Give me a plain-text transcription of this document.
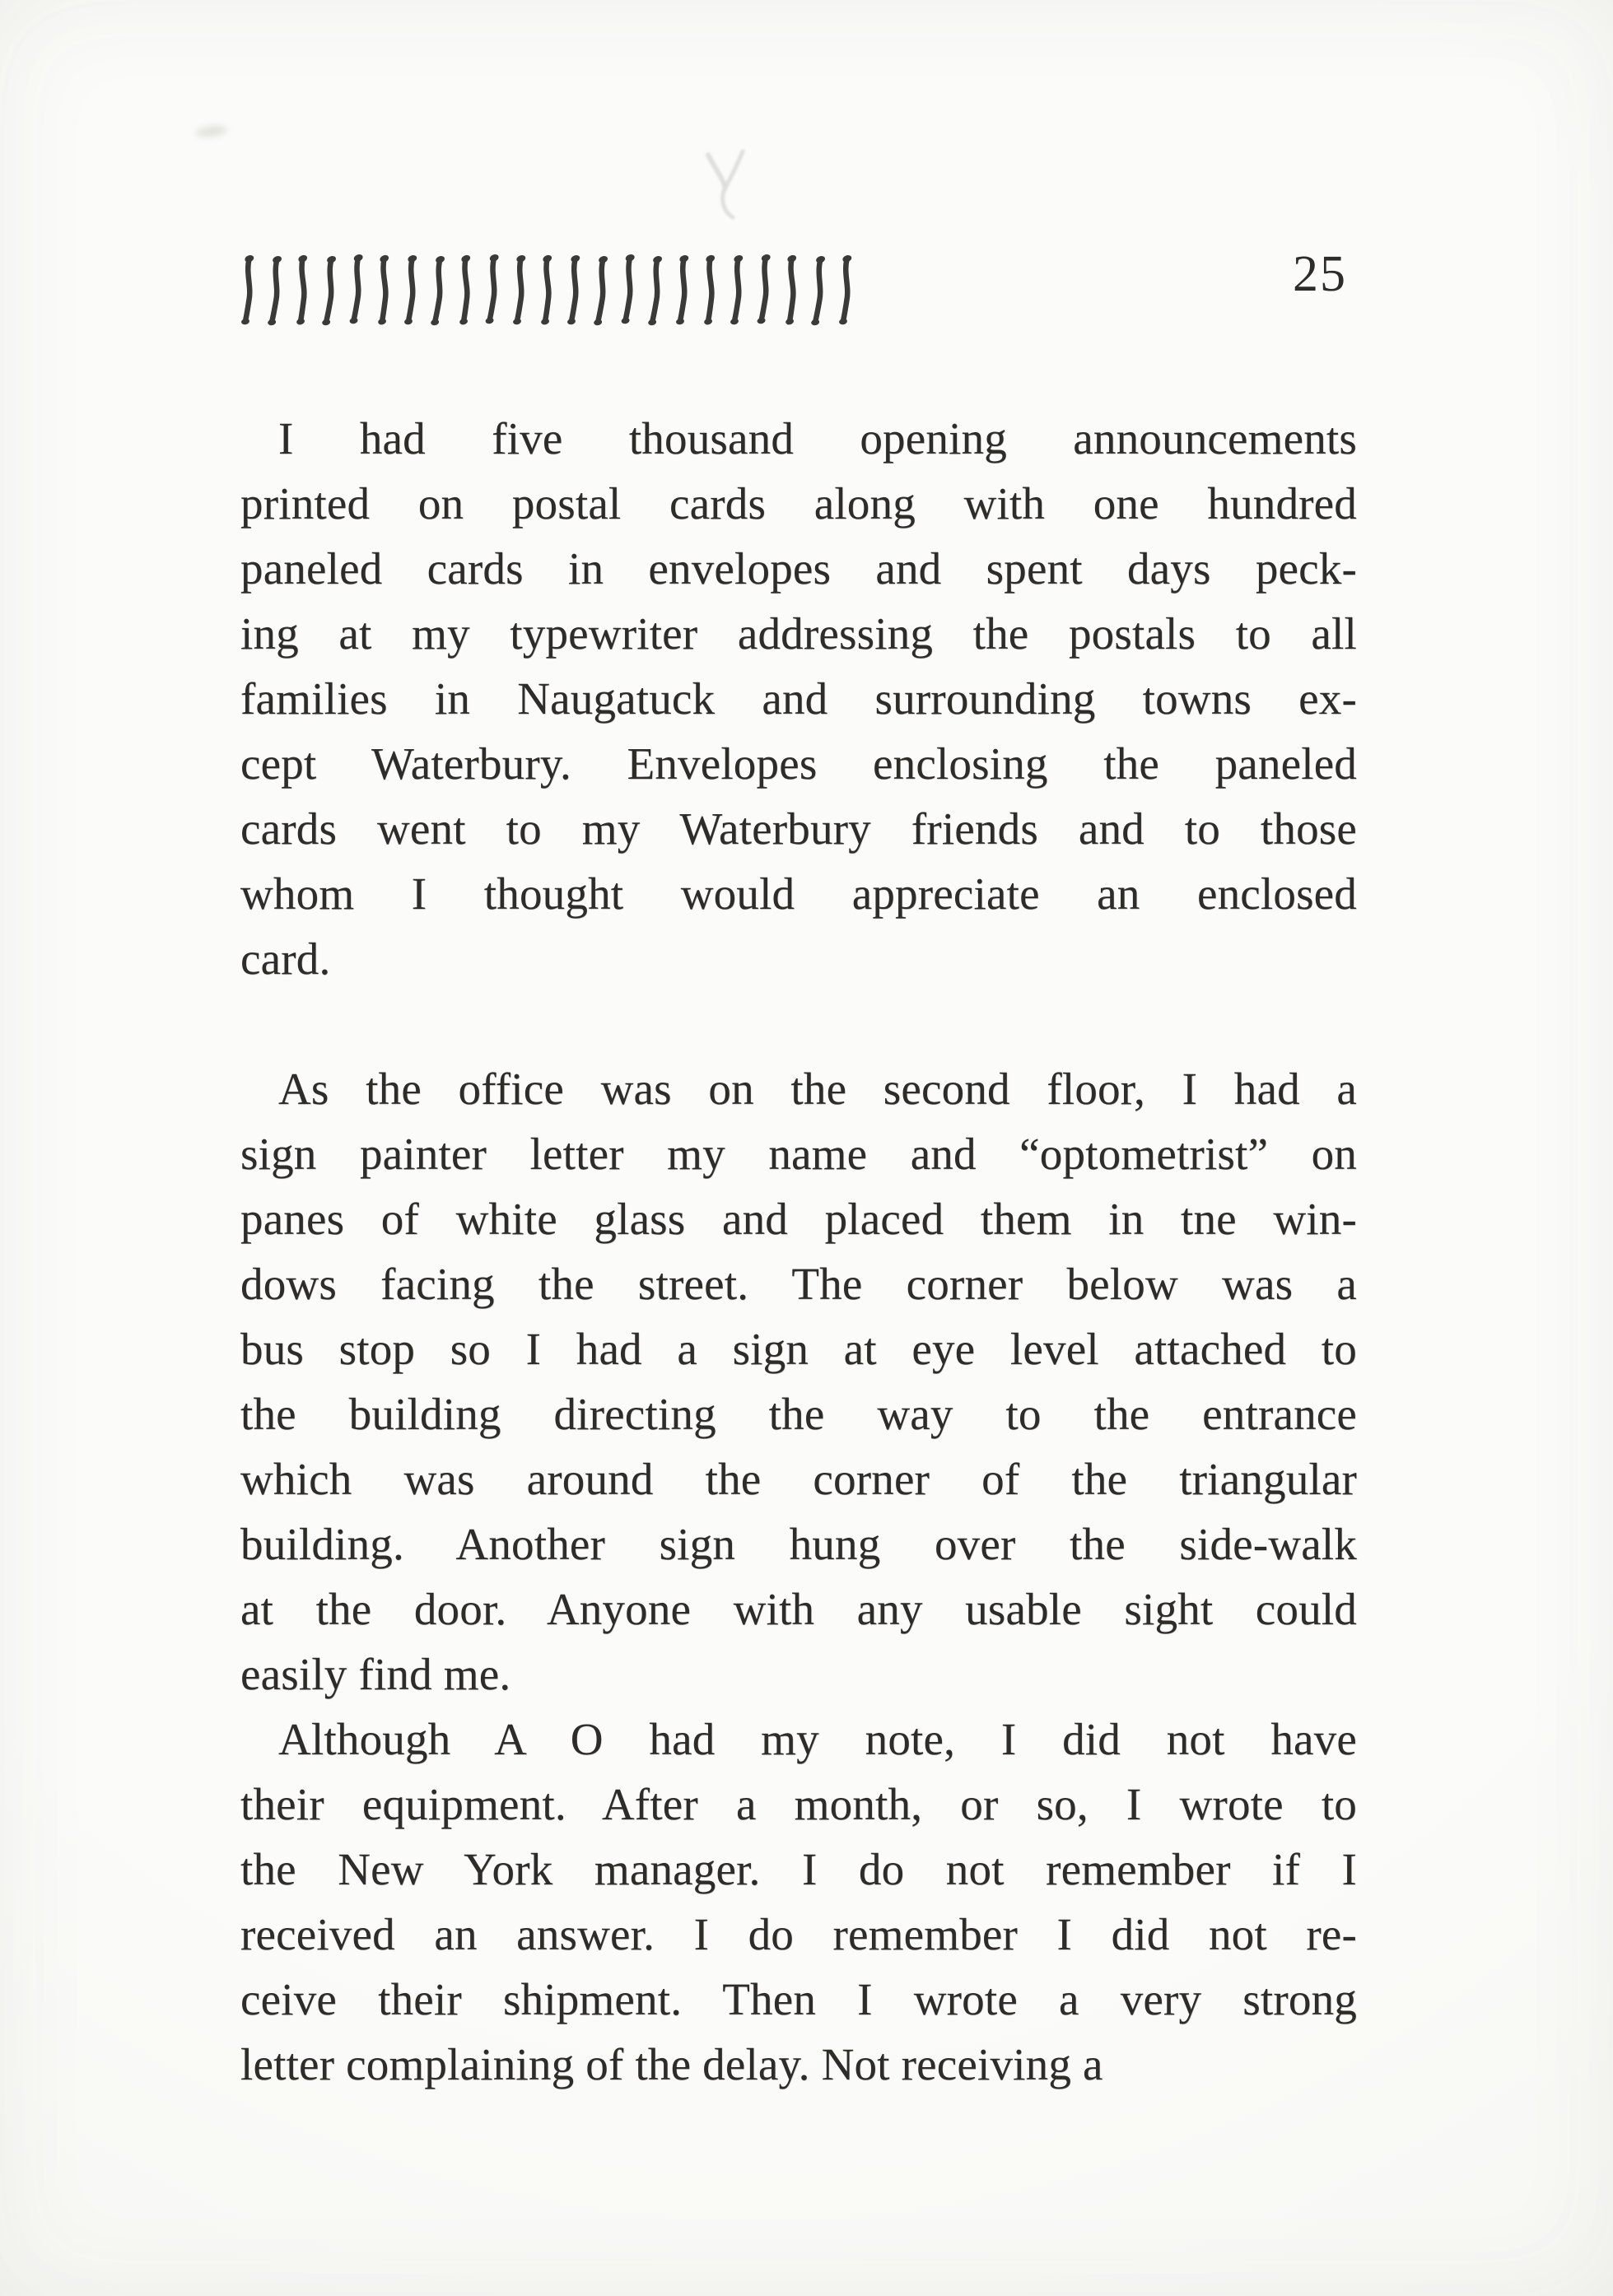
25
I had five thousand opening announcements
printed on postal cards along with one hundred
paneled cards in envelopes and spent days peck-
ing at my typewriter addressing the postals to all
families in Naugatuck and surrounding towns ex-
cept Waterbury. Envelopes enclosing the paneled
cards went to my Waterbury friends and to those
whom I thought would appreciate an enclosed
card.
As the office was on the second floor, I had a
sign painter letter my name and “optometrist” on
panes of white glass and placed them in tne win-
dows facing the street. The corner below was a
bus stop so I had a sign at eye level attached to
the building directing the way to the entrance
which was around the corner of the triangular
building. Another sign hung over the side-walk
at the door. Anyone with any usable sight could
easily find me.
Although A O had my note, I did not have
their equipment. After a month, or so, I wrote to
the New York manager. I do not remember if I
received an answer. I do remember I did not re-
ceive their shipment. Then I wrote a very strong
letter complaining of the delay. Not receiving a
